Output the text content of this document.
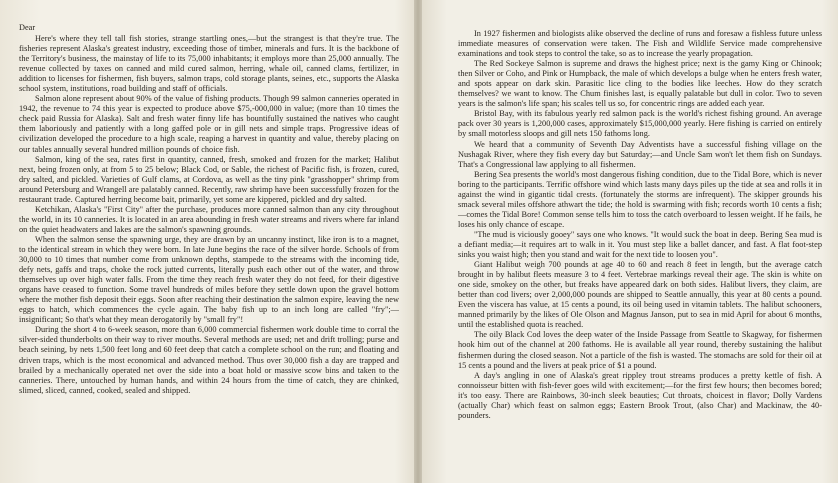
Dear

Here's where they tell tall fish stories, strange startling ones,—but the strangest is that they're true. The fisheries represent Alaska's greatest industry, exceeding those of timber, minerals and furs. It is the backbone of the Territory's business, the mainstay of life to its 75,000 inhabitants; it employs more than 25,000 annually. The revenue collected by taxes on canned and mild cured salmon, herring, whale oil, canned clams, fertilizer, in addition to licenses for fishermen, fish buyers, salmon traps, cold storage plants, seines, etc., supports the Alaska school system, institutions, road building and staff of officials.

Salmon alone represent about 90% of the value of fishing products. Though 99 salmon canneries operated in 1942, the revenue to 74 this year is expected to produce above $75,-000,000 in value; (more than 10 times the check paid Russia for Alaska). Salt and fresh water finny life has bountifully sustained the natives who caught them laboriously and patiently with a long gaffed pole or in gill nets and simple traps. Progressive ideas of civilization developed the procedure to a high scale, reaping a harvest in quantity and value, thereby placing on our tables annually several hundred million pounds of choice fish.

Salmon, king of the sea, rates first in quantity, canned, fresh, smoked and frozen for the market; Halibut next, being frozen only, at from 5 to 25 below; Black Cod, or Sable, the richest of Pacific fish, is frozen, cured, dry salted, and pickled. Varieties of Gulf clams, at Cordova, as well as the tiny pink "grasshopper" shrimp from around Petersburg and Wrangell are palatably canned. Recently, raw shrimp have been successfully frozen for the restaurant trade. Captured herring become bait, primarily, yet some are kippered, pickled and dry salted.

Ketchikan, Alaska's "First City" after the purchase, produces more canned salmon than any city throughout the world, in its 10 canneries. It is located in an area abounding in fresh water streams and rivers where far inland on the quiet headwaters and lakes are the salmon's spawning grounds.

When the salmon sense the spawning urge, they are drawn by an uncanny instinct, like iron is to a magnet, to the identical stream in which they were born. In late June begins the race of the silver horde. Schools of from 30,000 to 10 times that number come from unknown depths, stampede to the streams with the incoming tide, defy nets, gaffs and traps, choke the rock jutted currents, literally push each other out of the water, and throw themselves up over high water falls. From the time they reach fresh water they do not feed, for their digestive organs have ceased to function. Some travel hundreds of miles before they settle down upon the gravel bottom where the mother fish deposit their eggs. Soon after reaching their destination the salmon expire, leaving the new eggs to hatch, which commences the cycle again. The baby fish up to an inch long are called "fry";—insignificant; So that's what they mean derogatorily by "small fry"!

During the short 4 to 6-week season, more than 6,000 commercial fishermen work double time to corral the silver-sided thunderbolts on their way to river mouths. Several methods are used; net and drift trolling; purse and beach seining, by nets 1,500 feet long and 60 feet deep that catch a complete school on the run; and floating and driven traps, which is the most economical and advanced method. Thus over 30,000 fish a day are trapped and brailed by a mechanically operated net over the side into a boat hold or massive scow bins and taken to the canneries. There, untouched by human hands, and within 24 hours from the time of catch, they are chinked, slimed, sliced, canned, cooked, sealed and shipped.

In 1927 fishermen and biologists alike observed the decline of runs and foresaw a fishless future unless immediate measures of conservation were taken. The Fish and Wildlife Service made comprehensive examinations and took steps to control the take, so as to increase the yearly propagation.

The Red Sockeye Salmon is supreme and draws the highest price; next is the gamy King or Chinook; then Silver or Coho, and Pink or Humpback, the male of which develops a bulge when he enters fresh water, and spots appear on dark skin. Parasitic lice cling to the bodies like leeches. How do they scratch themselves? we want to know. The Chum finishes last, is equally palatable but dull in color. Two to seven years is the salmon's life span; his scales tell us so, for concentric rings are added each year.

Bristol Bay, with its fabulous yearly red salmon pack is the world's richest fishing ground. An average pack over 30 years is 1,200,000 cases, approximately $15,000,000 yearly. Here fishing is carried on entirely by small motorless sloops and gill nets 150 fathoms long.

We heard that a community of Seventh Day Adventists have a successful fishing village on the Nushagak River, where they fish every day but Saturday;—and Uncle Sam won't let them fish on Sundays. That's a Congressional law applying to all fishermen.

Bering Sea presents the world's most dangerous fishing condition, due to the Tidal Bore, which is never boring to the participants. Terrific offshore wind which lasts many days piles up the tide at sea and rolls it in against the wind in gigantic tidal crests. (fortunately the storms are infrequent). The skipper grounds his smack several miles offshore athwart the tide; the hold is swarming with fish; records worth 10 cents a fish;—comes the Tidal Bore! Common sense tells him to toss the catch overboard to lessen weight. If he fails, he loses his only chance of escape.

"The mud is viciously gooey" says one who knows. "It would suck the boat in deep. Bering Sea mud is a defiant media;—it requires art to walk in it. You must step like a ballet dancer, and fast. A flat foot-step sinks you waist high; then you stand and wait for the next tide to loosen you".

Giant Halibut weigh 700 pounds at age 40 to 60 and reach 8 feet in length, but the average catch brought in by halibut fleets measure 3 to 4 feet. Vertebrae markings reveal their age. The skin is white on one side, smokey on the other, but freaks have appeared dark on both sides. Halibut livers, they claim, are better than cod livers; over 2,000,000 pounds are shipped to Seattle annually, this year at 80 cents a pound. Even the viscera has value, at 15 cents a pound, its oil being used in vitamin tablets. The halibut schooners, manned primarily by the likes of Ole Olson and Magnus Janson, put to sea in mid April for about 6 months, until the established quota is reached.

The oily Black Cod loves the deep water of the Inside Passage from Seattle to Skagway, for fishermen hook him out of the channel at 200 fathoms. He is available all year round, thereby sustaining the halibut fishermen during the closed season. Not a particle of the fish is wasted. The stomachs are sold for their oil at 15 cents a pound and the livers at peak price of $1 a pound.

A day's angling in one of Alaska's great rippley trout streams produces a pretty kettle of fish. A connoisseur bitten with fish-fever goes wild with excitement;—for the first few hours; then becomes bored; it's too easy. There are Rainbows, 30-inch sleek beauties; Cut throats, choicest in flavor; Dolly Vardens (actually Char) which feast on salmon eggs; Eastern Brook Trout, (also Char) and Mackinaw, the 40-pounders.
